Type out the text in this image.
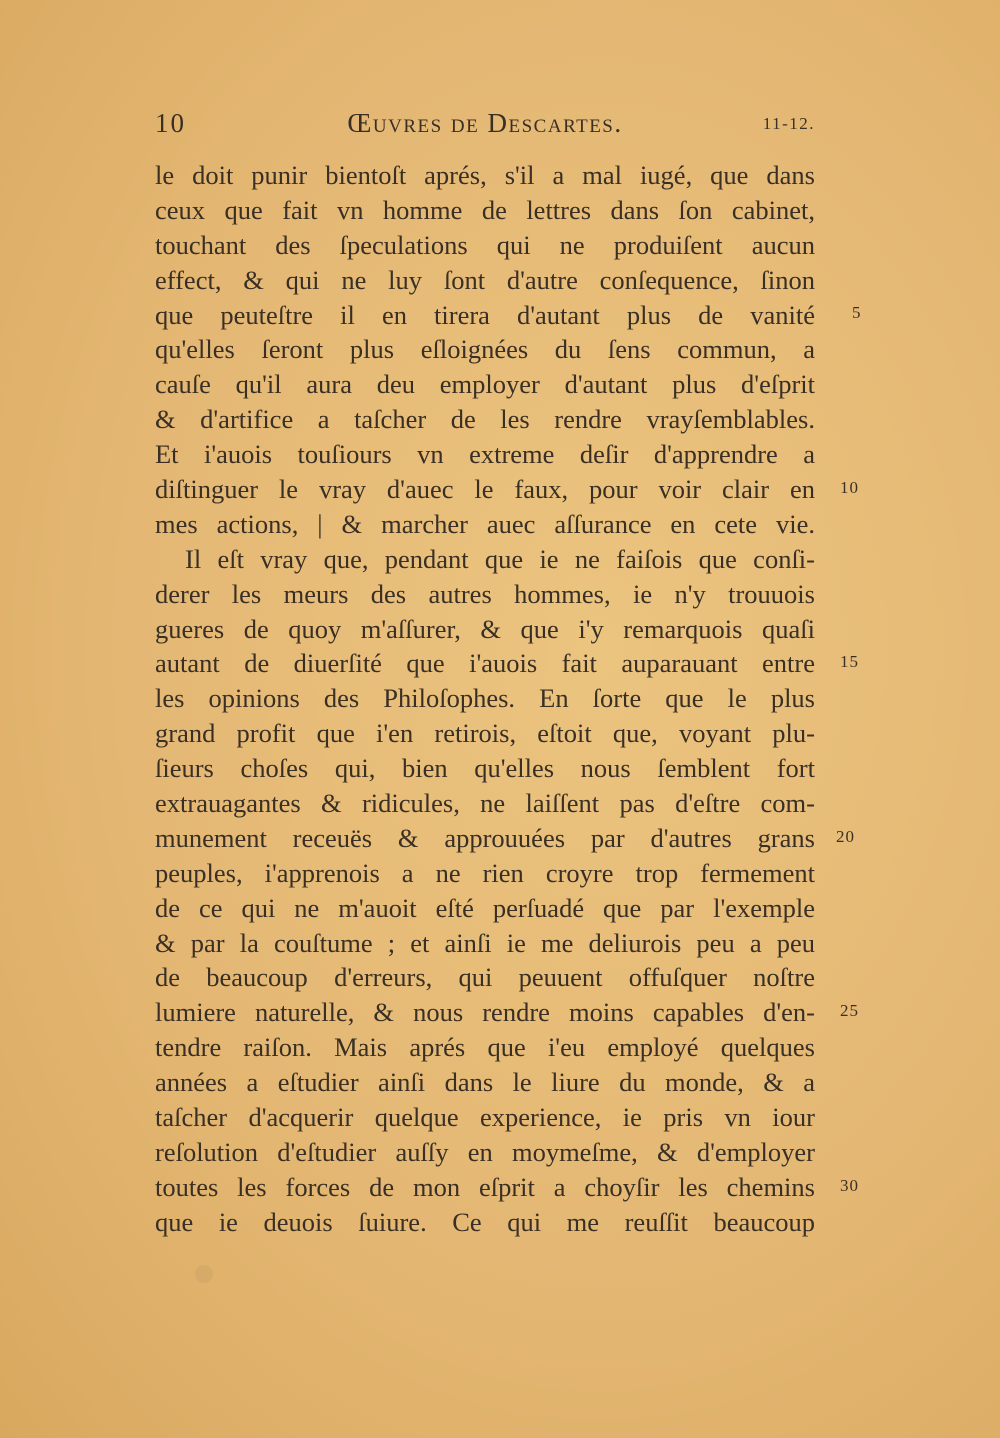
10	Œuvres de Descartes.	11-12.
le doit punir bientoſt aprés, s'il a mal iugé, que dans
ceux que fait vn homme de lettres dans ſon cabinet,
touchant des ſpeculations qui ne produiſent aucun
effect, & qui ne luy ſont d'autre conſequence, ſinon
que peuteſtre il en tirera d'autant plus de vanité
qu'elles ſeront plus eſloignées du ſens commun, a
cauſe qu'il aura deu employer d'autant plus d'eſprit
& d'artifice a taſcher de les rendre vrayſemblables.
Et i'auois touſiours vn extreme deſir d'apprendre a
diſtinguer le vray d'auec le faux, pour voir clair en
mes actions, | & marcher auec aſſurance en cete vie.
Il eſt vray que, pendant que ie ne faiſois que conſi-
derer les meurs des autres hommes, ie n'y trouuois
gueres de quoy m'aſſurer, & que i'y remarquois quaſi
autant de diuerſité que i'auois fait auparauant entre
les opinions des Philoſophes. En ſorte que le plus
grand profit que i'en retirois, eſtoit que, voyant plu-
ſieurs choſes qui, bien qu'elles nous ſemblent fort
extrauagantes & ridicules, ne laiſſent pas d'eſtre com-
munement receuës & approuuées par d'autres grans
peuples, i'apprenois a ne rien croyre trop fermement
de ce qui ne m'auoit eſté perſuadé que par l'exemple
& par la couſtume ; et ainſi ie me deliurois peu a peu
de beaucoup d'erreurs, qui peuuent offuſquer noſtre
lumiere naturelle, & nous rendre moins capables d'en-
tendre raiſon. Mais aprés que i'eu employé quelques
années a eſtudier ainſi dans le liure du monde, & a
taſcher d'acquerir quelque experience, ie pris vn iour
reſolution d'eſtudier auſſy en moymeſme, & d'employer
toutes les forces de mon eſprit a choyſir les chemins
que ie deuois ſuiure. Ce qui me reuſſit beaucoup
5
10
15
20
25
30
